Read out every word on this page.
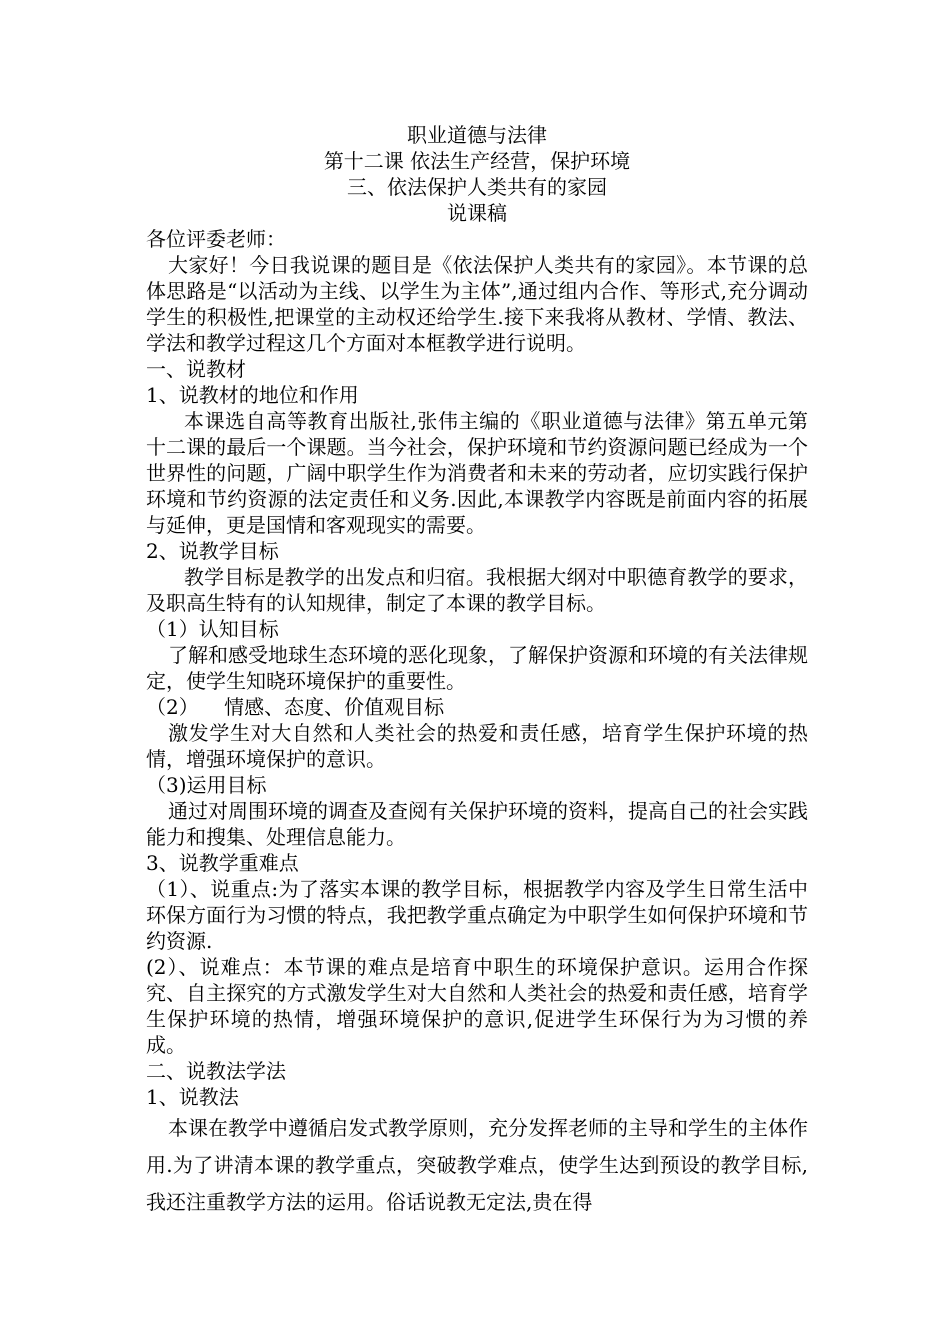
职业道德与法律
第十二课 依法生产经营，保护环境
三、依法保护人类共有的家园
说课稿

各位评委老师：

大家好！今日我说课的题目是《依法保护人类共有的家园》。本节课的总体思路是“以活动为主线、以学生为主体”,通过组内合作、等形式,充分调动学生的积极性,把课堂的主动权还给学生.接下来我将从教材、学情、教法、学法和教学过程这几个方面对本框教学进行说明。

一、说教材

1、说教材的地位和作用

本课选自高等教育出版社,张伟主编的《职业道德与法律》第五单元第十二课的最后一个课题。当今社会，保护环境和节约资源问题已经成为一个世界性的问题，广阔中职学生作为消费者和未来的劳动者，应切实践行保护环境和节约资源的法定责任和义务.因此,本课教学内容既是前面内容的拓展与延伸，更是国情和客观现实的需要。

2、说教学目标

教学目标是教学的出发点和归宿。我根据大纲对中职德育教学的要求，及职高生特有的认知规律，制定了本课的教学目标。

（1）认知目标

了解和感受地球生态环境的恶化现象，了解保护资源和环境的有关法律规定，使学生知晓环境保护的重要性。

（2）    情感、态度、价值观目标

激发学生对大自然和人类社会的热爱和责任感，培育学生保护环境的热情，增强环境保护的意识。

（3)运用目标

通过对周围环境的调查及查阅有关保护环境的资料，提高自己的社会实践能力和搜集、处理信息能力。

3、说教学重难点

（1）、说重点:为了落实本课的教学目标，根据教学内容及学生日常生活中环保方面行为习惯的特点，我把教学重点确定为中职学生如何保护环境和节约资源.

(2）、说难点：本节课的难点是培育中职生的环境保护意识。运用合作探究、自主探究的方式激发学生对大自然和人类社会的热爱和责任感，培育学生保护环境的热情，增强环境保护的意识,促进学生环保行为为习惯的养成。

二、说教法学法

1、说教法

本课在教学中遵循启发式教学原则，充分发挥老师的主导和学生的主体作用.为了讲清本课的教学重点，突破教学难点，使学生达到预设的教学目标,我还注重教学方法的运用。俗话说教无定法,贵在得
